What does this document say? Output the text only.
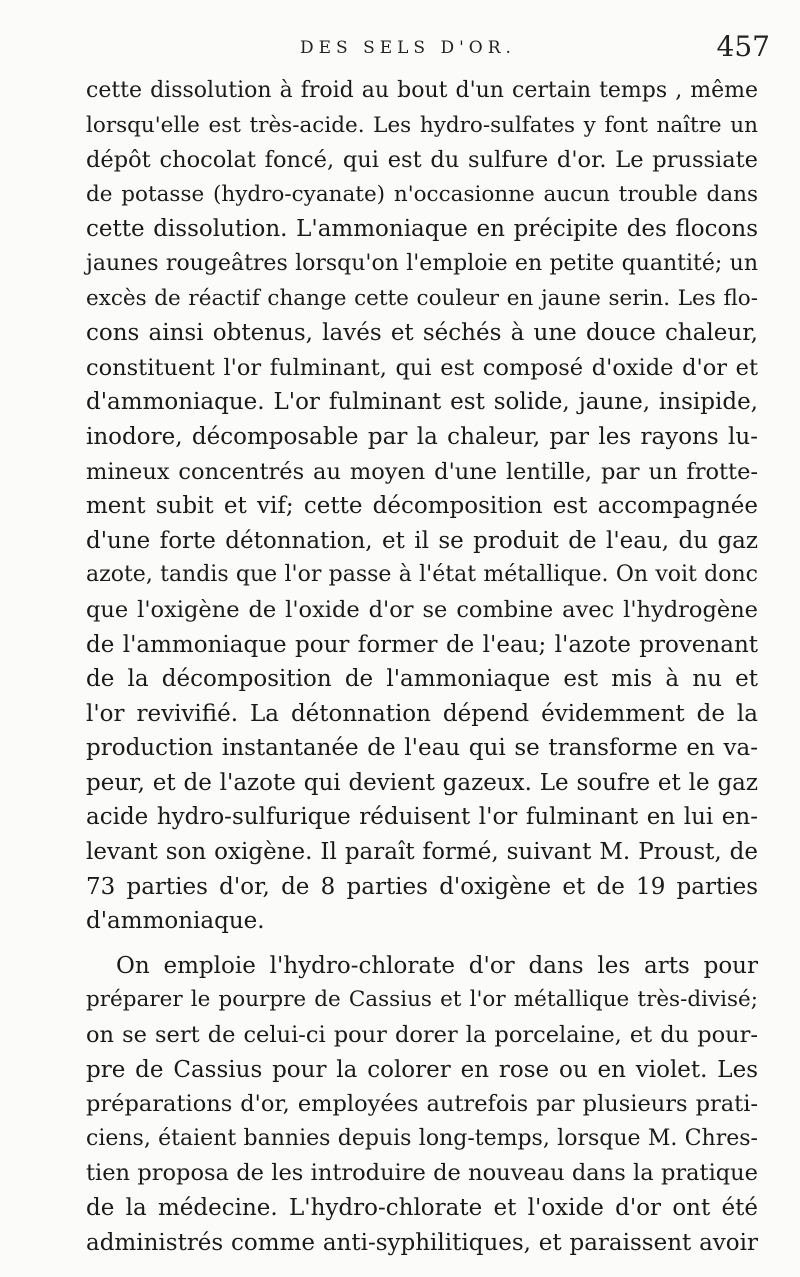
DES SELS D'OR.	457
cette dissolution à froid au bout d'un certain temps , même
lorsqu'elle est très-acide. Les hydro-sulfates y font naître un
dépôt chocolat foncé, qui est du sulfure d'or. Le prussiate
de potasse (hydro-cyanate) n'occasionne aucun trouble dans
cette dissolution. L'ammoniaque en précipite des flocons
jaunes rougeâtres lorsqu'on l'emploie en petite quantité; un
excès de réactif change cette couleur en jaune serin. Les flo-
cons ainsi obtenus, lavés et séchés à une douce chaleur,
constituent l'or fulminant, qui est composé d'oxide d'or et
d'ammoniaque. L'or fulminant est solide, jaune, insipide,
inodore, décomposable par la chaleur, par les rayons lu-
mineux concentrés au moyen d'une lentille, par un frotte-
ment subit et vif; cette décomposition est accompagnée
d'une forte détonnation, et il se produit de l'eau, du gaz
azote, tandis que l'or passe à l'état métallique. On voit donc
que l'oxigène de l'oxide d'or se combine avec l'hydrogène
de l'ammoniaque pour former de l'eau; l'azote provenant
de la décomposition de l'ammoniaque est mis à nu et
l'or revivifié. La détonnation dépend évidemment de la
production instantanée de l'eau qui se transforme en va-
peur, et de l'azote qui devient gazeux. Le soufre et le gaz
acide hydro-sulfurique réduisent l'or fulminant en lui en-
levant son oxigène. Il paraît formé, suivant M. Proust, de
73 parties d'or, de 8 parties d'oxigène et de 19 parties
d'ammoniaque.
On emploie l'hydro-chlorate d'or dans les arts pour
préparer le pourpre de Cassius et l'or métallique très-divisé;
on se sert de celui-ci pour dorer la porcelaine, et du pour-
pre de Cassius pour la colorer en rose ou en violet. Les
préparations d'or, employées autrefois par plusieurs prati-
ciens, étaient bannies depuis long-temps, lorsque M. Chres-
tien proposa de les introduire de nouveau dans la pratique
de la médecine. L'hydro-chlorate et l'oxide d'or ont été
administrés comme anti-syphilitiques, et paraissent avoir
